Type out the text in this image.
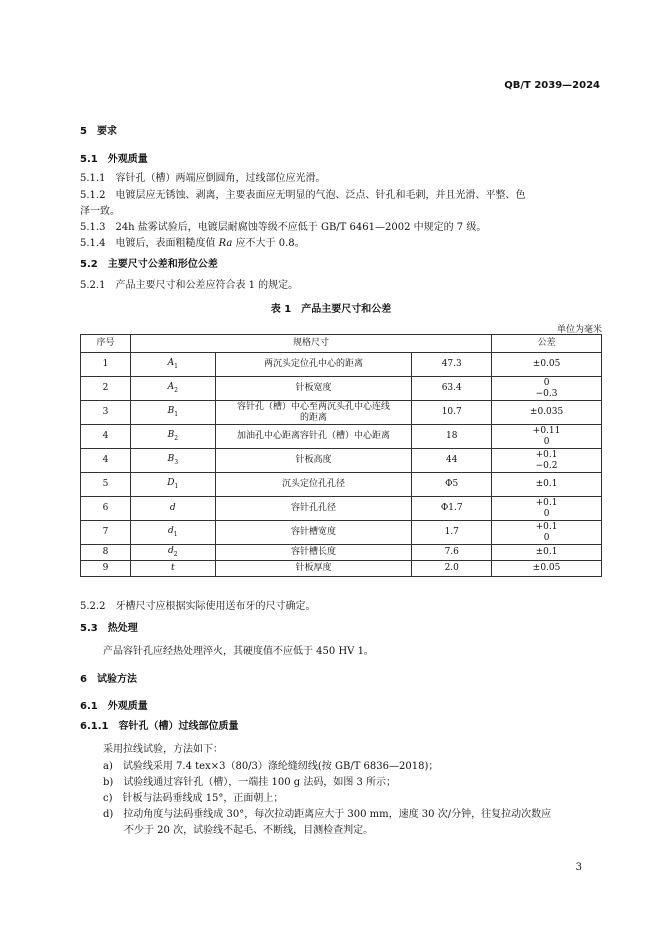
QB/T 2039—2024
5　 要求
5.1　 外观质量
5.1.1　 容针孔（槽）两端应倒圆角，过线部位应光滑。
5.1.2　 电镀层应无锈蚀、剥离，主要表面应无明显的气泡、泛点、针孔和毛刺，并且光滑、平整、色
泽一致。
5.1.3　 24h 盐雾试验后，电镀层耐腐蚀等级不应低于 GB/T 6461—2002 中规定的 7 级。
5.1.4　 电镀后，表面粗糙度值 Ra 应不大于 0.8。
5.2　 主要尺寸公差和形位公差
5.2.1　 产品主要尺寸和公差应符合表 1 的规定。
表 1　产品主要尺寸和公差
单位为毫米
序号	规格尺寸			公差
1	$A_1$	两沉头定位孔中心的距离	47.3	±0.05

2	$A_2$	针板宽度	63.4	0
−0.3

3	$B_1$	容针孔（槽）中心至两沉头孔中心连线
的距离	10.7	±0.035

4	$B_2$	加油孔中心距离容针孔（槽）中心距离	18	+0.11
0

4	$B_3$	针板高度	44	+0.1
−0.2

5	$D_1$	沉头定位孔孔径	Φ5	±0.1

6	d	容针孔孔径	Φ1.7	+0.1
0

7	$d_1$	容针槽宽度	1.7	+0.1
0

8	$d_2$	容针槽长度	7.6	±0.1

9	t	针板厚度	2.0	±0.05
5.2.2　 牙槽尺寸应根据实际使用送布牙的尺寸确定。
5.3　 热处理
产品容针孔应经热处理淬火，其硬度值不应低于 450 HV 1。
6　 试验方法
6.1　 外观质量
6.1.1　 容针孔（槽）过线部位质量
采用拉线试验，方法如下：
a)　 试验线采用 7.4 tex×3（80/3）涤纶缝纫线(按 GB/T 6836—2018)；
b)　 试验线通过容针孔（槽），一端挂 100 g 法码，如图 3 所示；
c)　 针板与法码垂线成 15°，正面朝上；
d)　 拉动角度与法码垂线成 30°，每次拉动距离应大于 300 mm，速度 30 次/分钟，往复拉动次数应
不少于 20 次，试验线不起毛、不断线，目测检查判定。
3
